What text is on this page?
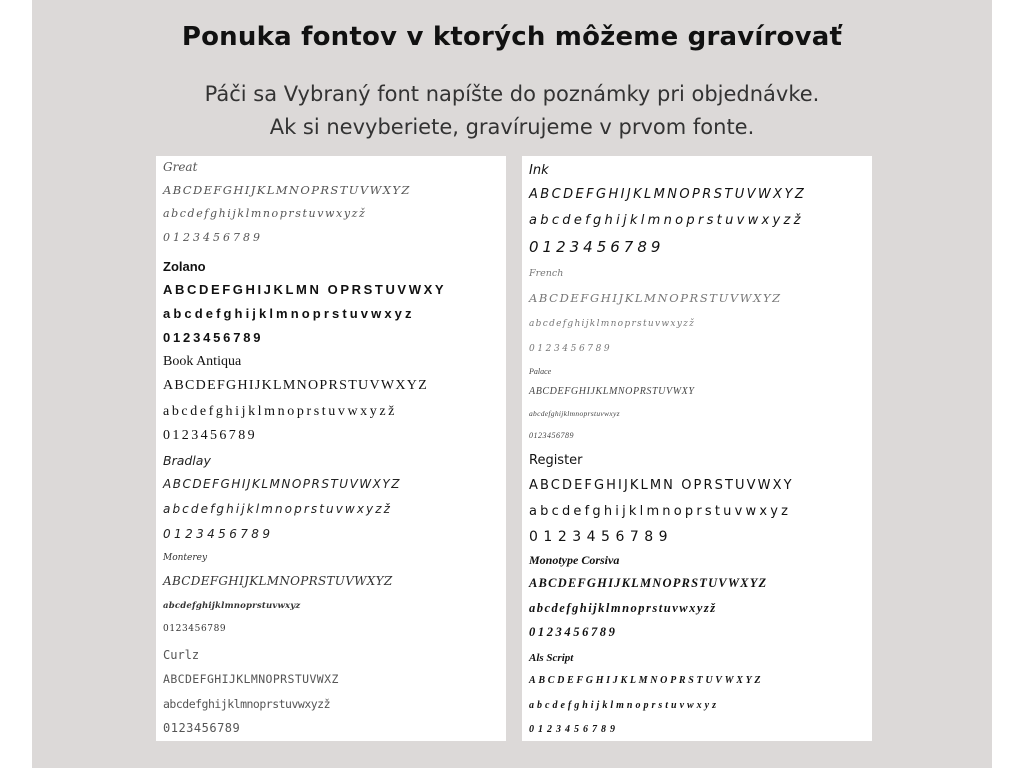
Ponuka fontov v ktorých môžeme gravírovať
Páči sa Vybraný font napíšte do poznámky pri objednávke.
Ak si nevyberiete, gravírujeme v prvom fonte.
Great
ABCDEFGHIJKLMNOPRSTUVWXYZ
abcdefghijklmnoprstuvwxyzž
0123456789
Zolano
ABCDEFGHIJKLMN OPRSTUVWXY
abcdefghijklmnoprstuvwxyz
0123456789
Book Antiqua
ABCDEFGHIJKLMNOPRSTUVWXYZ
abcdefghijklmnoprstuvwxyzž
0123456789
Bradlay
ABCDEFGHIJKLMNOPRSTUVWXYZ
abcdefghijklmnoprstuvwxyzž
0123456789
Monterey
ABCDEFGHIJKLMNOPRSTUVWXYZ
abcdefghijklmnoprstuvwxyz
0123456789
Curlz
ABCDEFGHIJKLMNOPRSTUVWXZ
abcdefghijklmnoprstuvwxyzž
0123456789
Ink
ABCDEFGHIJKLMNOPRSTUVWXYZ
abcdefghijklmnoprstuvwxyzž
0123456789
French
ABCDEFGHIJKLMNOPRSTUVWXYZ
abcdefghijklmnoprstuvwxyzž
0123456789
Palace
ABCDEFGHIJKLMNOPRSTUVWXY
abcdefghijklmnoprstuvwxyz
0123456789
Register
ABCDEFGHIJKLMN OPRSTUVWXY
abcdefghijklmnoprstuvwxyz
0123456789
Monotype Corsiva
ABCDEFGHIJKLMNOPRSTUVWXYZ
abcdefghijklmnoprstuvwxyzž
0123456789
Als Script
ABCDEFGHIJKLMNOPRSTUVWXYZ
abcdefghijklmnoprstuvwxyz
0123456789
